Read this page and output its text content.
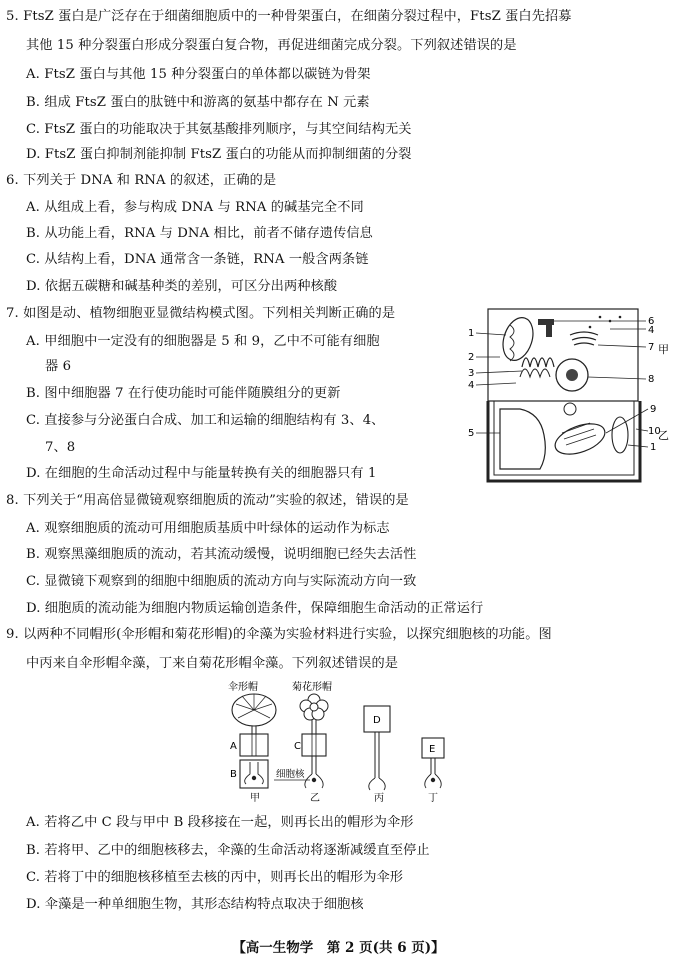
5. FtsZ 蛋白是广泛存在于细菌细胞质中的一种骨架蛋白，在细菌分裂过程中，FtsZ 蛋白先招募
其他 15 种分裂蛋白形成分裂蛋白复合物，再促进细菌完成分裂。下列叙述错误的是
A. FtsZ 蛋白与其他 15 种分裂蛋白的单体都以碳链为骨架
B. 组成 FtsZ 蛋白的肽链中和游离的氨基中都存在 N 元素
C. FtsZ 蛋白的功能取决于其氨基酸排列顺序，与其空间结构无关
D. FtsZ 蛋白抑制剂能抑制 FtsZ 蛋白的功能从而抑制细菌的分裂
6. 下列关于 DNA 和 RNA 的叙述，正确的是
A. 从组成上看，参与构成 DNA 与 RNA 的碱基完全不同
B. 从功能上看，RNA 与 DNA 相比，前者不储存遗传信息
C. 从结构上看，DNA 通常含一条链，RNA 一般含两条链
D. 依据五碳糖和碱基种类的差别，可区分出两种核酸
7. 如图是动、植物细胞亚显微结构模式图。下列相关判断正确的是
A. 甲细胞中一定没有的细胞器是 5 和 9，乙中不可能有细胞
器 6
B. 图中细胞器 7 在行使功能时可能伴随膜组分的更新
C. 直接参与分泌蛋白合成、加工和运输的细胞结构有 3、4、
7、8
D. 在细胞的生命活动过程中与能量转换有关的细胞器只有 1
1
2
3
4
5
6
4
7
8
9
10
1
甲
乙
8. 下列关于“用高倍显微镜观察细胞质的流动”实验的叙述，错误的是
A. 观察细胞质的流动可用细胞质基质中叶绿体的运动作为标志
B. 观察黑藻细胞质的流动，若其流动缓慢，说明细胞已经失去活性
C. 显微镜下观察到的细胞中细胞质的流动方向与实际流动方向一致
D. 细胞质的流动能为细胞内物质运输创造条件，保障细胞生命活动的正常运行
9. 以两种不同帽形(伞形帽和菊花形帽)的伞藻为实验材料进行实验，以探究细胞核的功能。图
中丙来自伞形帽伞藻，丁来自菊花形帽伞藻。下列叙述错误的是
伞形帽	菊花形帽
A
B
甲
C
细胞核
乙
D
丙
E
丁
A. 若将乙中 C 段与甲中 B 段移接在一起，则再长出的帽形为伞形
B. 若将甲、乙中的细胞核移去，伞藻的生命活动将逐渐减缓直至停止
C. 若将丁中的细胞核移植至去核的丙中，则再长出的帽形为伞形
D. 伞藻是一种单细胞生物，其形态结构特点取决于细胞核
【高一生物学　第 2 页(共 6 页)】
